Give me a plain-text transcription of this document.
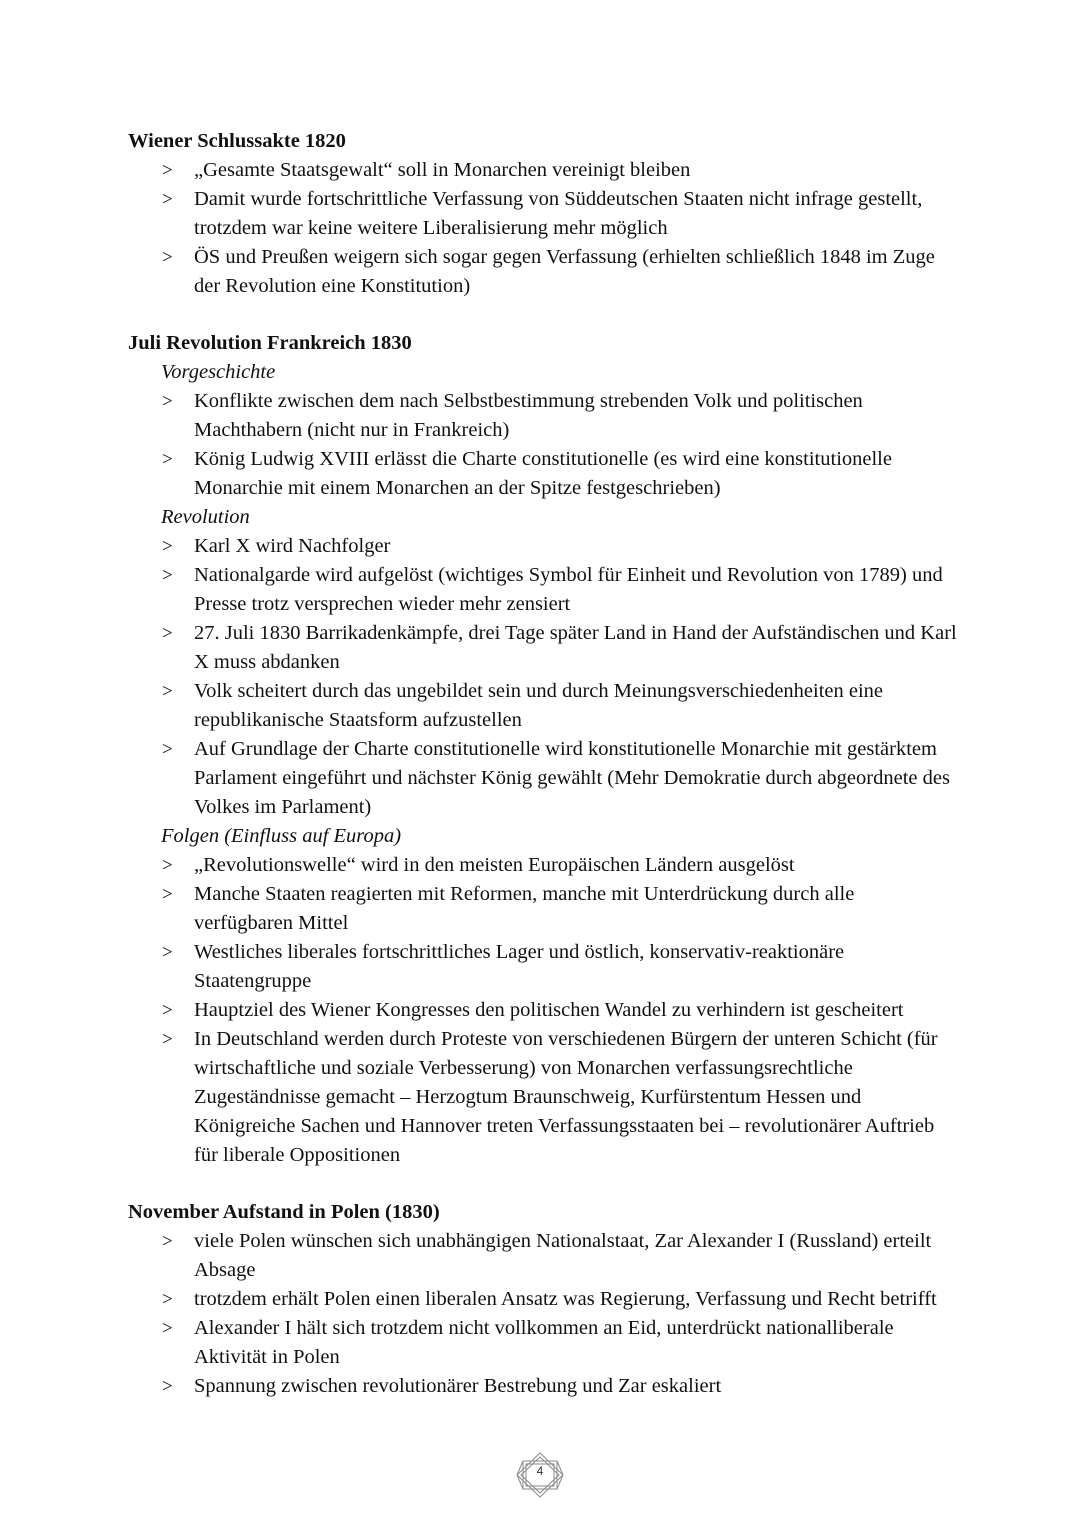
Wiener Schlussakte 1820
> „Gesamte Staatsgewalt“ soll in Monarchen vereinigt bleiben
> Damit wurde fortschrittliche Verfassung von Süddeutschen Staaten nicht infrage gestellt, trotzdem war keine weitere Liberalisierung mehr möglich
> ÖS und Preußen weigern sich sogar gegen Verfassung (erhielten schließlich 1848 im Zuge der Revolution eine Konstitution)
Juli Revolution Frankreich 1830
Vorgeschichte
> Konflikte zwischen dem nach Selbstbestimmung strebenden Volk und politischen Machthabern (nicht nur in Frankreich)
> König Ludwig XVIII erlässt die Charte constitutionelle (es wird eine konstitutionelle Monarchie mit einem Monarchen an der Spitze festgeschrieben)
Revolution
> Karl X wird Nachfolger
> Nationalgarde wird aufgelöst (wichtiges Symbol für Einheit und Revolution von 1789) und Presse trotz versprechen wieder mehr zensiert
> 27. Juli 1830 Barrikadenkämpfe, drei Tage später Land in Hand der Aufständischen und Karl X muss abdanken
> Volk scheitert durch das ungebildet sein und durch Meinungsverschiedenheiten eine republikanische Staatsform aufzustellen
> Auf Grundlage der Charte constitutionelle wird konstitutionelle Monarchie mit gestärktem Parlament eingeführt und nächster König gewählt (Mehr Demokratie durch abgeordnete des Volkes im Parlament)
Folgen (Einfluss auf Europa)
> „Revolutionswelle“ wird in den meisten Europäischen Ländern ausgelöst
> Manche Staaten reagierten mit Reformen, manche mit Unterdrückung durch alle verfügbaren Mittel
> Westliches liberales fortschrittliches Lager und östlich, konservativ-reaktionäre Staatengruppe
> Hauptziel des Wiener Kongresses den politischen Wandel zu verhindern ist gescheitert
> In Deutschland werden durch Proteste von verschiedenen Bürgern der unteren Schicht (für wirtschaftliche und soziale Verbesserung) von Monarchen verfassungsrechtliche Zugeständnisse gemacht – Herzogtum Braunschweig, Kurfürstentum Hessen und Königreiche Sachen und Hannover treten Verfassungsstaaten bei – revolutionärer Auftrieb für liberale Oppositionen
November Aufstand in Polen (1830)
> viele Polen wünschen sich unabhängigen Nationalstaat, Zar Alexander I (Russland) erteilt Absage
> trotzdem erhält Polen einen liberalen Ansatz was Regierung, Verfassung und Recht betrifft
> Alexander I hält sich trotzdem nicht vollkommen an Eid, unterdrückt nationalliberale Aktivität in Polen
> Spannung zwischen revolutionärer Bestrebung und Zar eskaliert
4
